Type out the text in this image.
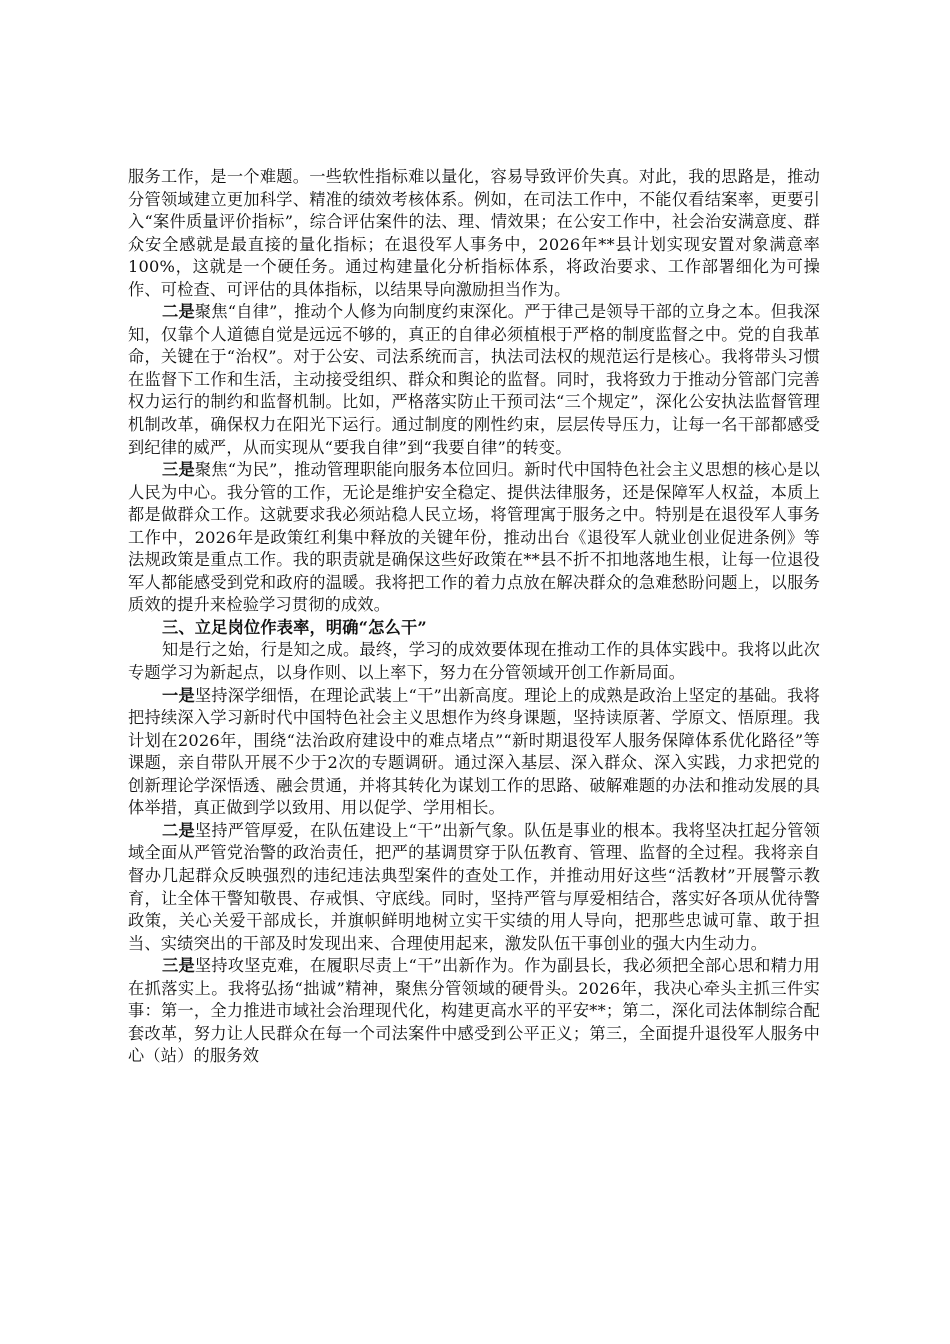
服务工作，是一个难题。一些软性指标难以量化，容易导致评价失真。对此，我的思路是，推动分管领域建立更加科学、精准的绩效考核体系。例如，在司法工作中，不能仅看结案率，更要引入“案件质量评价指标”，综合评估案件的法、理、情效果；在公安工作中，社会治安满意度、群众安全感就是最直接的量化指标；在退役军人事务中，2026年**县计划实现安置对象满意率100%，这就是一个硬任务。通过构建量化分析指标体系，将政治要求、工作部署细化为可操作、可检查、可评估的具体指标，以结果导向激励担当作为。

二是聚焦“自律”，推动个人修为向制度约束深化。严于律己是领导干部的立身之本。但我深知，仅靠个人道德自觉是远远不够的，真正的自律必须植根于严格的制度监督之中。党的自我革命，关键在于“治权”。对于公安、司法系统而言，执法司法权的规范运行是核心。我将带头习惯在监督下工作和生活，主动接受组织、群众和舆论的监督。同时，我将致力于推动分管部门完善权力运行的制约和监督机制。比如，严格落实防止干预司法“三个规定”，深化公安执法监督管理机制改革，确保权力在阳光下运行。通过制度的刚性约束，层层传导压力，让每一名干部都感受到纪律的威严，从而实现从“要我自律”到“我要自律”的转变。

三是聚焦“为民”，推动管理职能向服务本位回归。新时代中国特色社会主义思想的核心是以人民为中心。我分管的工作，无论是维护安全稳定、提供法律服务，还是保障军人权益，本质上都是做群众工作。这就要求我必须站稳人民立场，将管理寓于服务之中。特别是在退役军人事务工作中，2026年是政策红利集中释放的关键年份，推动出台《退役军人就业创业促进条例》等法规政策是重点工作。我的职责就是确保这些好政策在**县不折不扣地落地生根，让每一位退役军人都能感受到党和政府的温暖。我将把工作的着力点放在解决群众的急难愁盼问题上，以服务质效的提升来检验学习贯彻的成效。

三、立足岗位作表率，明确“怎么干”

知是行之始，行是知之成。最终，学习的成效要体现在推动工作的具体实践中。我将以此次专题学习为新起点，以身作则、以上率下，努力在分管领域开创工作新局面。

一是坚持深学细悟，在理论武装上“干”出新高度。理论上的成熟是政治上坚定的基础。我将把持续深入学习新时代中国特色社会主义思想作为终身课题，坚持读原著、学原文、悟原理。我计划在2026年，围绕“法治政府建设中的难点堵点”“新时期退役军人服务保障体系优化路径”等课题，亲自带队开展不少于2次的专题调研。通过深入基层、深入群众、深入实践，力求把党的创新理论学深悟透、融会贯通，并将其转化为谋划工作的思路、破解难题的办法和推动发展的具体举措，真正做到学以致用、用以促学、学用相长。

二是坚持严管厚爱，在队伍建设上“干”出新气象。队伍是事业的根本。我将坚决扛起分管领域全面从严管党治警的政治责任，把严的基调贯穿于队伍教育、管理、监督的全过程。我将亲自督办几起群众反映强烈的违纪违法典型案件的查处工作，并推动用好这些“活教材”开展警示教育，让全体干警知敬畏、存戒惧、守底线。同时，坚持严管与厚爱相结合，落实好各项从优待警政策，关心关爱干部成长，并旗帜鲜明地树立实干实绩的用人导向，把那些忠诚可靠、敢于担当、实绩突出的干部及时发现出来、合理使用起来，激发队伍干事创业的强大内生动力。

三是坚持攻坚克难，在履职尽责上“干”出新作为。作为副县长，我必须把全部心思和精力用在抓落实上。我将弘扬“拙诚”精神，聚焦分管领域的硬骨头。2026年，我决心牵头主抓三件实事：第一，全力推进市域社会治理现代化，构建更高水平的平安**；第二，深化司法体制综合配套改革，努力让人民群众在每一个司法案件中感受到公平正义；第三，全面提升退役军人服务中心（站）的服务效
